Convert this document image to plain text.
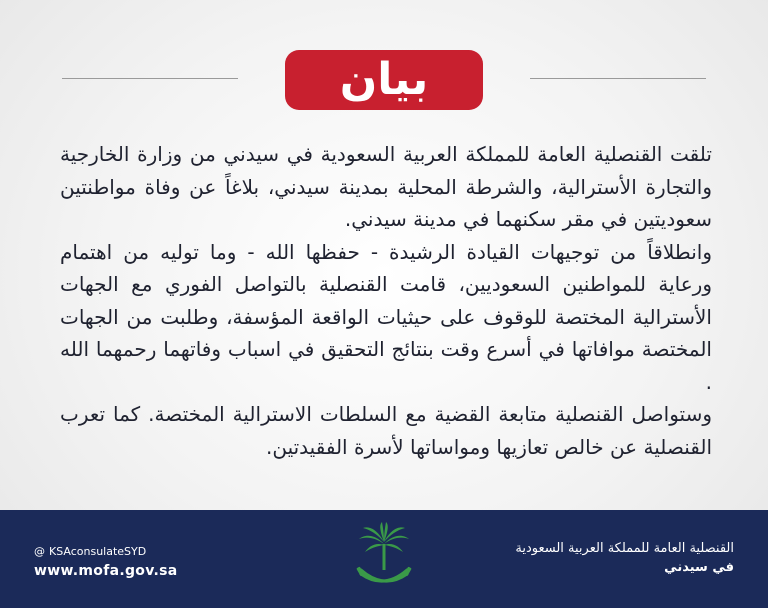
بيان

تلقت القنصلية العامة للمملكة العربية السعودية في سيدني من وزارة الخارجية والتجارة الأسترالية، والشرطة المحلية بمدينة سيدني، بلاغاً عن وفاة مواطنتين سعوديتين في مقر سكنهما في مدينة سيدني.

وانطلاقاً من توجيهات القيادة الرشيدة - حفظها الله - وما توليه من اهتمام ورعاية للمواطنين السعوديين، قامت القنصلية بالتواصل الفوري مع الجهات الأسترالية المختصة للوقوف على حيثيات الواقعة المؤسفة، وطلبت من الجهات المختصة موافاتها في أسرع وقت بنتائج التحقيق في اسباب وفاتهما رحمهما الله .

وستواصل القنصلية متابعة القضية مع السلطات الاسترالية المختصة. كما تعرب القنصلية عن خالص تعازيها ومواساتها لأسرة الفقيدتين.

@ KSAconsulateSYD
www.mofa.gov.sa
القنصلية العامة للمملكة العربية السعودية
في سيدني
